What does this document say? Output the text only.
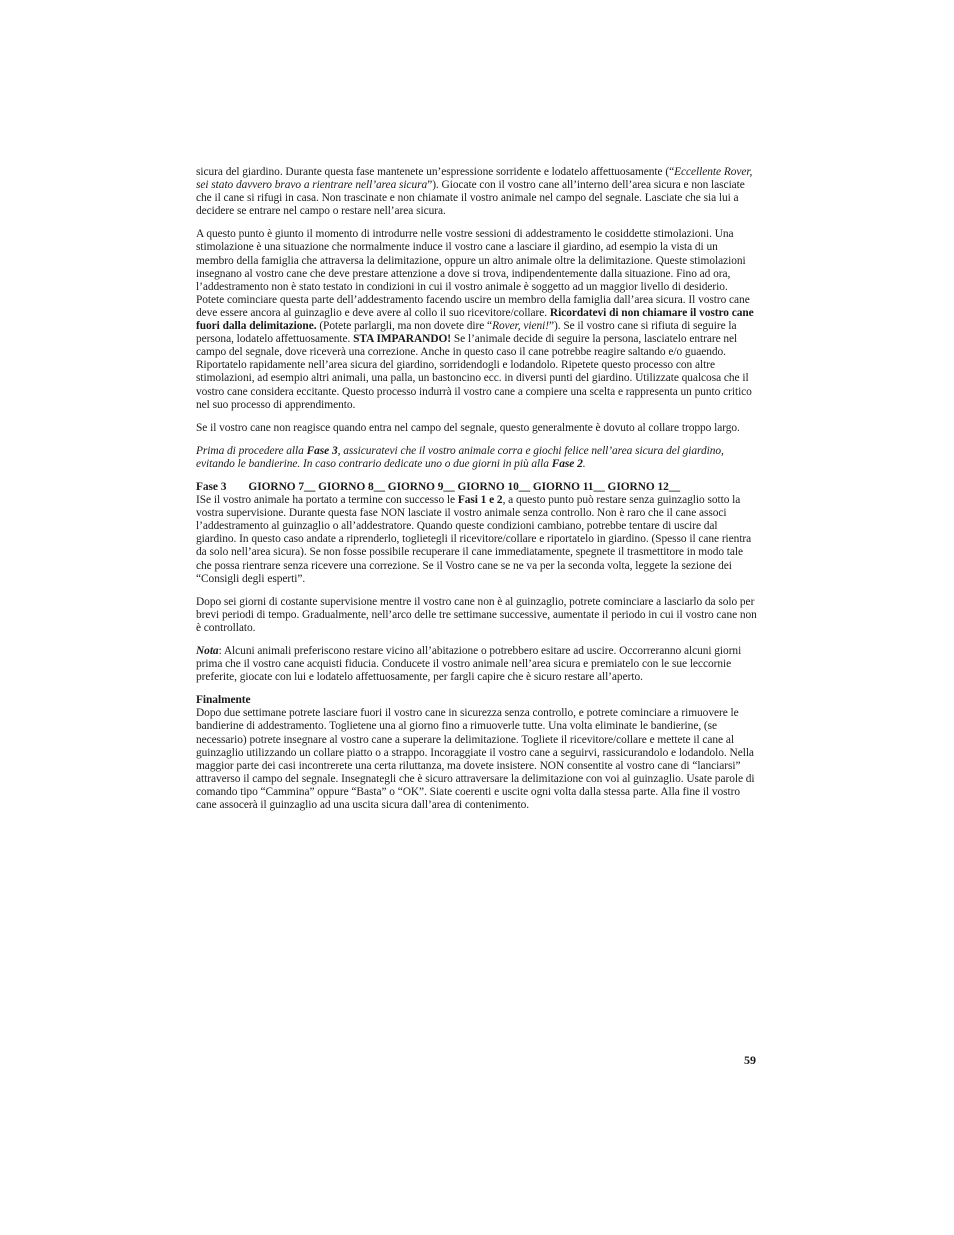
sicura del giardino. Durante questa fase mantenete un’espressione sorridente e lodatelo affettuosamente (“Eccellente Rover, sei stato davvero bravo a rientrare nell’area sicura”). Giocate con il vostro cane all’interno dell’area sicura e non lasciate che il cane si rifugi in casa. Non trascinate e non chiamate il vostro animale nel campo del segnale. Lasciate che sia lui a decidere se entrare nel campo o restare nell’area sicura.

A questo punto è giunto il momento di introdurre nelle vostre sessioni di addestramento le cosiddette stimolazioni. Una stimolazione è una situazione che normalmente induce il vostro cane a lasciare il giardino, ad esempio la vista di un membro della famiglia che attraversa la delimitazione, oppure un altro animale oltre la delimitazione. Queste stimolazioni insegnano al vostro cane che deve prestare attenzione a dove si trova, indipendentemente dalla situazione. Fino ad ora, l’addestramento non è stato testato in condizioni in cui il vostro animale è soggetto ad un maggior livello di desiderio. Potete cominciare questa parte dell’addestramento facendo uscire un membro della famiglia dall’area sicura. Il vostro cane deve essere ancora al guinzaglio e deve avere al collo il suo ricevitore/collare. Ricordatevi di non chiamare il vostro cane fuori dalla delimitazione. (Potete parlargli, ma non dovete dire “Rover, vieni!”). Se il vostro cane si rifiuta di seguire la persona, lodatelo affettuosamente. STA IMPARANDO! Se l’animale decide di seguire la persona, lasciatelo entrare nel campo del segnale, dove riceverà una correzione. Anche in questo caso il cane potrebbe reagire saltando e/o guaendo. Riportatelo rapidamente nell’area sicura del giardino, sorridendogli e lodandolo. Ripetete questo processo con altre stimolazioni, ad esempio altri animali, una palla, un bastoncino ecc. in diversi punti del giardino. Utilizzate qualcosa che il vostro cane considera eccitante. Questo processo indurrà il vostro cane a compiere una scelta e rappresenta un punto critico nel suo processo di apprendimento.

Se il vostro cane non reagisce quando entra nel campo del segnale, questo generalmente è dovuto al collare troppo largo.

Prima di procedere alla Fase 3, assicuratevi che il vostro animale corra e giochi felice nell’area sicura del giardino, evitando le bandierine. In caso contrario dedicate uno o due giorni in più alla Fase 2.

Fase 3 GIORNO 7__ GIORNO 8__ GIORNO 9__ GIORNO 10__ GIORNO 11__ GIORNO 12__

ISe il vostro animale ha portato a termine con successo le Fasi 1 e 2, a questo punto può restare senza guinzaglio sotto la vostra supervisione. Durante questa fase NON lasciate il vostro animale senza controllo. Non è raro che il cane associ l’addestramento al guinzaglio o all’addestratore. Quando queste condizioni cambiano, potrebbe tentare di uscire dal giardino. In questo caso andate a riprenderlo, toglietegli il ricevitore/collare e riportatelo in giardino. (Spesso il cane rientra da solo nell’area sicura). Se non fosse possibile recuperare il cane immediatamente, spegnete il trasmettitore in modo tale che possa rientrare senza ricevere una correzione. Se il Vostro cane se ne va per la seconda volta, leggete la sezione dei “Consigli degli esperti”.

Dopo sei giorni di costante supervisione mentre il vostro cane non è al guinzaglio, potrete cominciare a lasciarlo da solo per brevi periodi di tempo. Gradualmente, nell’arco delle tre settimane successive, aumentate il periodo in cui il vostro cane non è controllato.

Nota: Alcuni animali preferiscono restare vicino all’abitazione o potrebbero esitare ad uscire. Occorreranno alcuni giorni prima che il vostro cane acquisti fiducia. Conducete il vostro animale nell’area sicura e premiatelo con le sue leccornie preferite, giocate con lui e lodatelo affettuosamente, per fargli capire che è sicuro restare all’aperto.

Finalmente

Dopo due settimane potrete lasciare fuori il vostro cane in sicurezza senza controllo, e potrete cominciare a rimuovere le bandierine di addestramento. Toglietene una al giorno fino a rimuoverle tutte. Una volta eliminate le bandierine, (se necessario) potrete insegnare al vostro cane a superare la delimitazione. Togliete il ricevitore/collare e mettete il cane al guinzaglio utilizzando un collare piatto o a strappo. Incoraggiate il vostro cane a seguirvi, rassicurandolo e lodandolo. Nella maggior parte dei casi incontrerete una certa riluttanza, ma dovete insistere. NON consentite al vostro cane di “lanciarsi” attraverso il campo del segnale. Insegnategli che è sicuro attraversare la delimitazione con voi al guinzaglio. Usate parole di comando tipo “Cammina” oppure “Basta” o “OK”. Siate coerenti e uscite ogni volta dalla stessa parte. Alla fine il vostro cane assocerà il guinzaglio ad una uscita sicura dall’area di contenimento.

59
